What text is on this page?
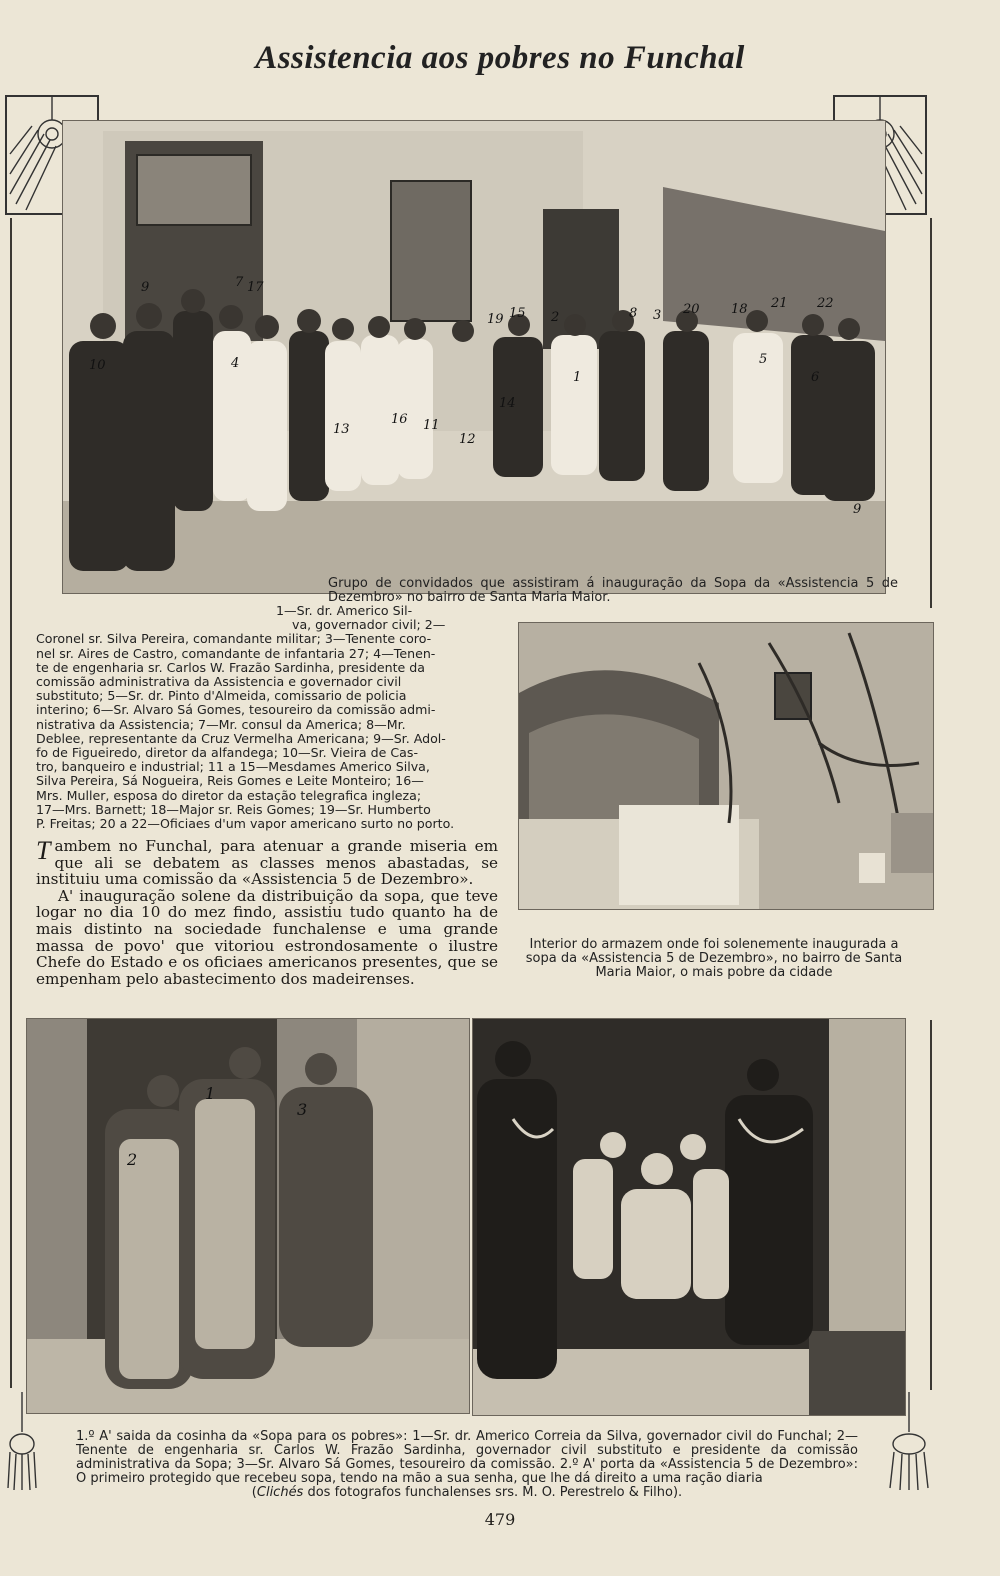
Assistencia aos pobres no Funchal
10
9	7 17
4
13
16 11
12
14
1
8 3 20 18 21 22
5
6
2
19 15
9

Grupo de convidados que assistiram á inauguração da Sopa da «Assistencia 5 de Dezembro» no bairro de Santa Maria Maior.

1—Sr. dr. Americo Sil-

va, governador civil; 2—

Coronel sr. Silva Pereira, comandante militar; 3—Tenente coro-

nel sr. Aires de Castro, comandante de infantaria 27; 4—Tenen-

te de engenharia sr. Carlos W. Frazão Sardinha, presidente da

comissão administrativa da Assistencia e governador civil

substituto; 5—Sr. dr. Pinto d'Almeida, comissario de policia

interino; 6—Sr. Alvaro Sá Gomes, tesoureiro da comissão admi-

nistrativa da Assistencia; 7—Mr. consul da America; 8—Mr.

Deblee, representante da Cruz Vermelha Americana; 9—Sr. Adol-

fo de Figueiredo, diretor da alfandega; 10—Sr. Vieira de Cas-

tro, banqueiro e industrial; 11 a 15—Mesdames Americo Silva,

Silva Pereira, Sá Nogueira, Reis Gomes e Leite Monteiro; 16—

Mrs. Muller, esposa do diretor da estação telegrafica ingleza;

17—Mrs. Barnett; 18—Major sr. Reis Gomes; 19—Sr. Humberto

P. Freitas; 20 a 22—Oficiaes d'um vapor americano surto no porto.

Interior do armazem onde foi solenemente inaugurada a sopa da «Assistencia 5 de Dezembro», no bairro de Santa Maria Maior, o mais pobre da cidade

Tambem no Funchal, para atenuar a grande miseria em que ali se debatem as classes menos abastadas, se instituiu uma comissão da «Assistencia 5 de Dezembro».

A' inauguração solene da distribuição da sopa, que teve logar no dia 10 do mez findo, assistiu tudo quanto ha de mais distinto na sociedade funchalense e uma grande massa de povo' que vitoriou estrondosamente o ilustre Chefe do Estado e os oficiaes americanos presentes, que se empenham pelo abastecimento dos madeirenses.

1
2
3

1.º A' saida da cosinha da «Sopa para os pobres»: 1—Sr. dr. Americo Correia da Silva, governador civil do Funchal; 2—Tenente de engenharia sr. Carlos W. Frazão Sardinha, governador civil substituto e presidente da comissão administrativa da Sopa; 3—Sr. Alvaro Sá Gomes, tesoureiro da comissão. 2.º A' porta da «Assistencia 5 de Dezembro»: O primeiro protegido que recebeu sopa, tendo na mão a sua senha, que lhe dá direito a uma ração diaria

(Clichés dos fotografos funchalenses srs. M. O. Perestrelo & Filho).

479
